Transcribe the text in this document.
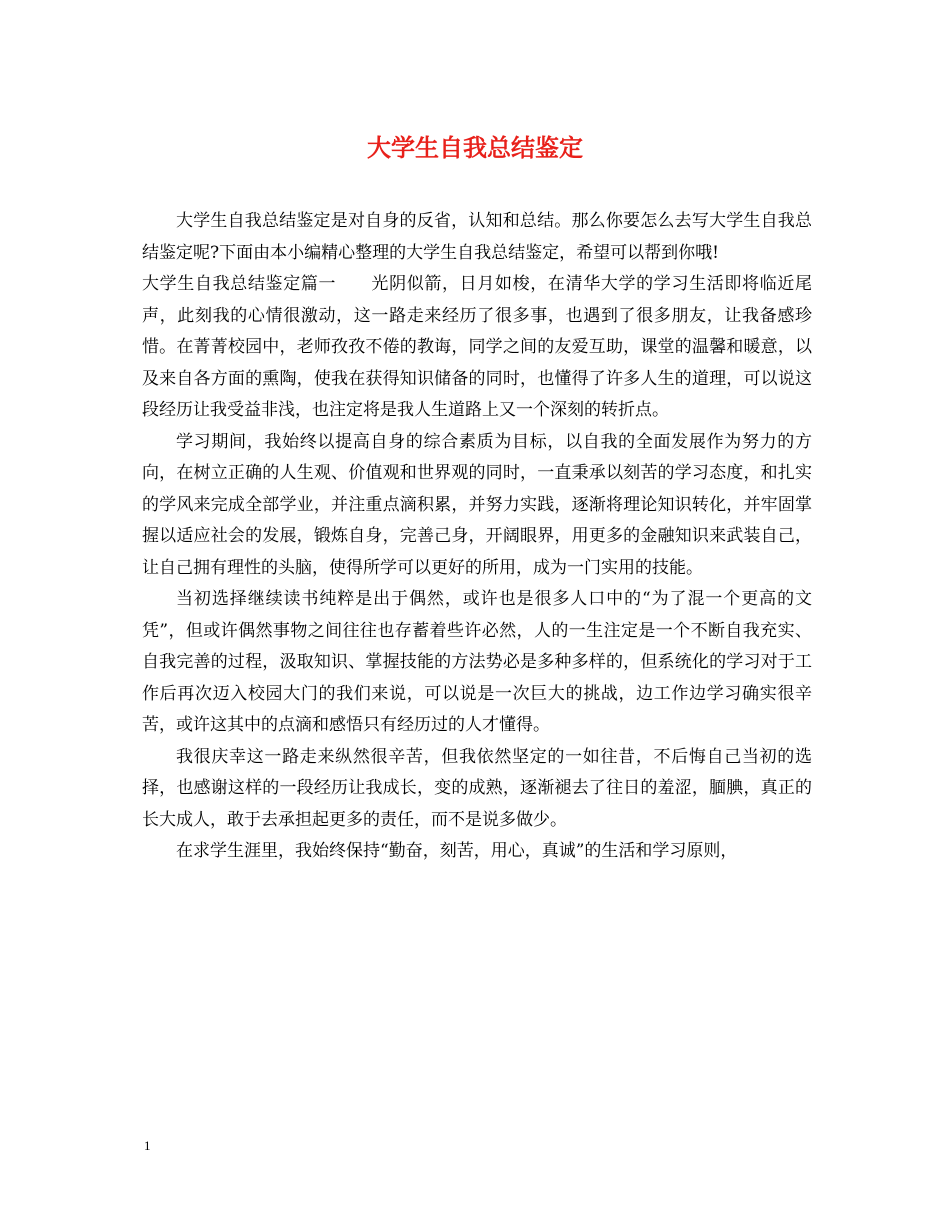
大学生自我总结鉴定

大学生自我总结鉴定是对自身的反省，认知和总结。那么你要怎么去写大学生自我总结鉴定呢?下面由本小编精心整理的大学生自我总结鉴定，希望可以帮到你哦!

大学生自我总结鉴定篇一　　光阴似箭，日月如梭，在清华大学的学习生活即将临近尾声，此刻我的心情很激动，这一路走来经历了很多事，也遇到了很多朋友，让我备感珍惜。在菁菁校园中，老师孜孜不倦的教诲，同学之间的友爱互助，课堂的温馨和暖意，以及来自各方面的熏陶，使我在获得知识储备的同时，也懂得了许多人生的道理，可以说这段经历让我受益非浅，也注定将是我人生道路上又一个深刻的转折点。

学习期间，我始终以提高自身的综合素质为目标，以自我的全面发展作为努力的方向，在树立正确的人生观、价值观和世界观的同时，一直秉承以刻苦的学习态度，和扎实的学风来完成全部学业，并注重点滴积累，并努力实践，逐渐将理论知识转化，并牢固掌握以适应社会的发展，锻炼自身，完善己身，开阔眼界，用更多的金融知识来武装自己，让自己拥有理性的头脑，使得所学可以更好的所用，成为一门实用的技能。

当初选择继续读书纯粹是出于偶然，或许也是很多人口中的“为了混一个更高的文凭”，但或许偶然事物之间往往也存蓄着些许必然，人的一生注定是一个不断自我充实、自我完善的过程，汲取知识、掌握技能的方法势必是多种多样的，但系统化的学习对于工作后再次迈入校园大门的我们来说，可以说是一次巨大的挑战，边工作边学习确实很辛苦，或许这其中的点滴和感悟只有经历过的人才懂得。

我很庆幸这一路走来纵然很辛苦，但我依然坚定的一如往昔，不后悔自己当初的选择，也感谢这样的一段经历让我成长，变的成熟，逐渐褪去了往日的羞涩，腼腆，真正的长大成人，敢于去承担起更多的责任，而不是说多做少。

在求学生涯里，我始终保持“勤奋，刻苦，用心，真诚”的生活和学习原则，

1
